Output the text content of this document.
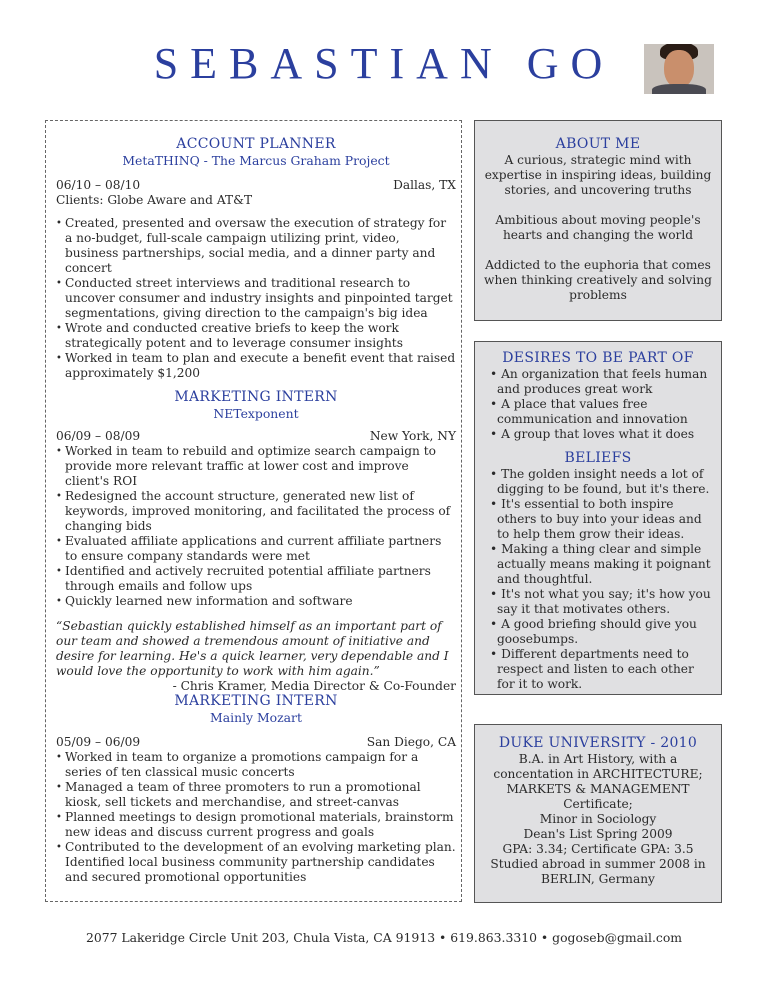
SEBASTIAN GO
ACCOUNT PLANNER
MetaTHINQ - The Marcus Graham Project
06/10 – 08/10	Dallas, TX
Clients: Globe Aware and AT&T
• Created, presented and oversaw the execution of strategy for a no-budget, full-scale campaign utilizing print, video, business partnerships, social media, and a dinner party and concert
• Conducted street interviews and traditional research to uncover consumer and industry insights and pinpointed target segmentations, giving direction to the campaign's big idea
• Wrote and conducted creative briefs to keep the work strategically potent and to leverage consumer insights
• Worked in team to plan and execute a benefit event that raised approximately $1,200
MARKETING INTERN
NETexponent
06/09 – 08/09	New York, NY
• Worked in team to rebuild and optimize search campaign to provide more relevant traffic at lower cost and improve client's ROI
• Redesigned the account structure, generated new list of keywords, improved monitoring, and facilitated the process of changing bids
• Evaluated affiliate applications and current affiliate partners to ensure company standards were met
• Identified and actively recruited potential affiliate partners through emails and follow ups
• Quickly learned new information and software
“Sebastian quickly established himself as an important part of our team and showed a tremendous amount of initiative and desire for learning. He's a quick learner, very dependable and I would love the opportunity to work with him again.”
- Chris Kramer, Media Director & Co-Founder
MARKETING INTERN
Mainly Mozart
05/09 – 06/09	San Diego, CA
• Worked in team to organize a promotions campaign for a series of ten classical music concerts
• Managed a team of three promoters to run a promotional kiosk, sell tickets and merchandise, and street-canvas
• Planned meetings to design promotional materials, brainstorm new ideas and discuss current progress and goals
• Contributed to the development of an evolving marketing plan. Identified local business community partnership candidates and secured promotional opportunities
ABOUT ME
A curious, strategic mind with expertise in inspiring ideas, building stories, and uncovering truths
Ambitious about moving people's hearts and changing the world
Addicted to the euphoria that comes when thinking creatively and solving problems
DESIRES TO BE PART OF
• An organization that feels human and produces great work
• A place that values free communication and innovation
• A group that loves what it does
BELIEFS
• The golden insight needs a lot of digging to be found, but it's there.
• It's essential to both inspire others to buy into your ideas and to help them grow their ideas.
• Making a thing clear and simple actually means making it poignant and thoughtful.
• It's not what you say; it's how you say it that motivates others.
• A good briefing should give you goosebumps.
• Different departments need to respect and listen to each other for it to work.
DUKE UNIVERSITY - 2010
B.A. in Art History, with a concentation in ARCHITECTURE;
MARKETS & MANAGEMENT Certificate;
Minor in Sociology
Dean's List Spring 2009
GPA: 3.34; Certificate GPA: 3.5
Studied abroad in summer 2008 in BERLIN, Germany
2077 Lakeridge Circle Unit 203, Chula Vista, CA 91913 • 619.863.3310 • gogoseb@gmail.com
